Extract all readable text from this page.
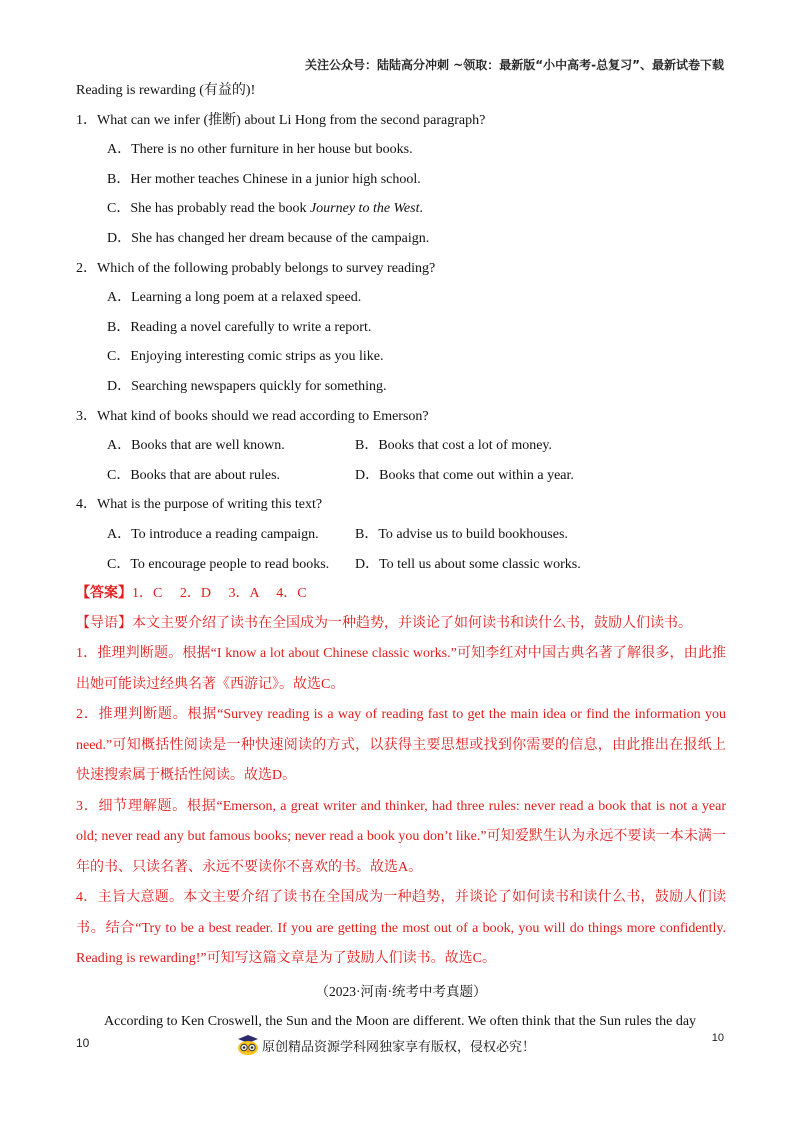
关注公众号：陆陆高分冲刺 ~领取：最新版“小中高考-总复习”、最新试卷下载
Reading is rewarding (有益的)!
1．What can we infer (推断) about Li Hong from the second paragraph?
A．There is no other furniture in her house but books.
B．Her mother teaches Chinese in a junior high school.
C．She has probably read the book Journey to the West.
D．She has changed her dream because of the campaign.
2．Which of the following probably belongs to survey reading?
A．Learning a long poem at a relaxed speed.
B．Reading a novel carefully to write a report.
C．Enjoying interesting comic strips as you like.
D．Searching newspapers quickly for something.
3．What kind of books should we read according to Emerson?
A．Books that are well known.	B．Books that cost a lot of money.
C．Books that are about rules.	D．Books that come out within a year.
4．What is the purpose of writing this text?
A．To introduce a reading campaign.	B．To advise us to build bookhouses.
C．To encourage people to read books.	D．To tell us about some classic works.
【答案】1．C　 2．D　 3．A　 4．C

【导语】本文主要介绍了读书在全国成为一种趋势，并谈论了如何读书和读什么书，鼓励人们读书。

1．推理判断题。根据“I know a lot about Chinese classic works.”可知李红对中国古典名著了解很多，由此推出她可能读过经典名著《西游记》。故选C。

2．推理判断题。根据“Survey reading is a way of reading fast to get the main idea or find the information you need.”可知概括性阅读是一种快速阅读的方式，以获得主要思想或找到你需要的信息，由此推出在报纸上快速搜索属于概括性阅读。故选D。

3．细节理解题。根据“Emerson, a great writer and thinker, had three rules: never read a book that is not a year old; never read any but famous books; never read a book you don’t like.”可知爱默生认为永远不要读一本未满一年的书、只读名著、永远不要读你不喜欢的书。故选A。

4．主旨大意题。本文主要介绍了读书在全国成为一种趋势，并谈论了如何读书和读什么书，鼓励人们读书。结合“Try to be a best reader. If you are getting the most out of a book, you will do things more confidently. Reading is rewarding!”可知写这篇文章是为了鼓励人们读书。故选C。

（2023·河南·统考中考真题）
According to Ken Croswell, the Sun and the Moon are different. We often think that the Sun rules the day
10	原创精品资源学科网独家享有版权，侵权必究！
10
